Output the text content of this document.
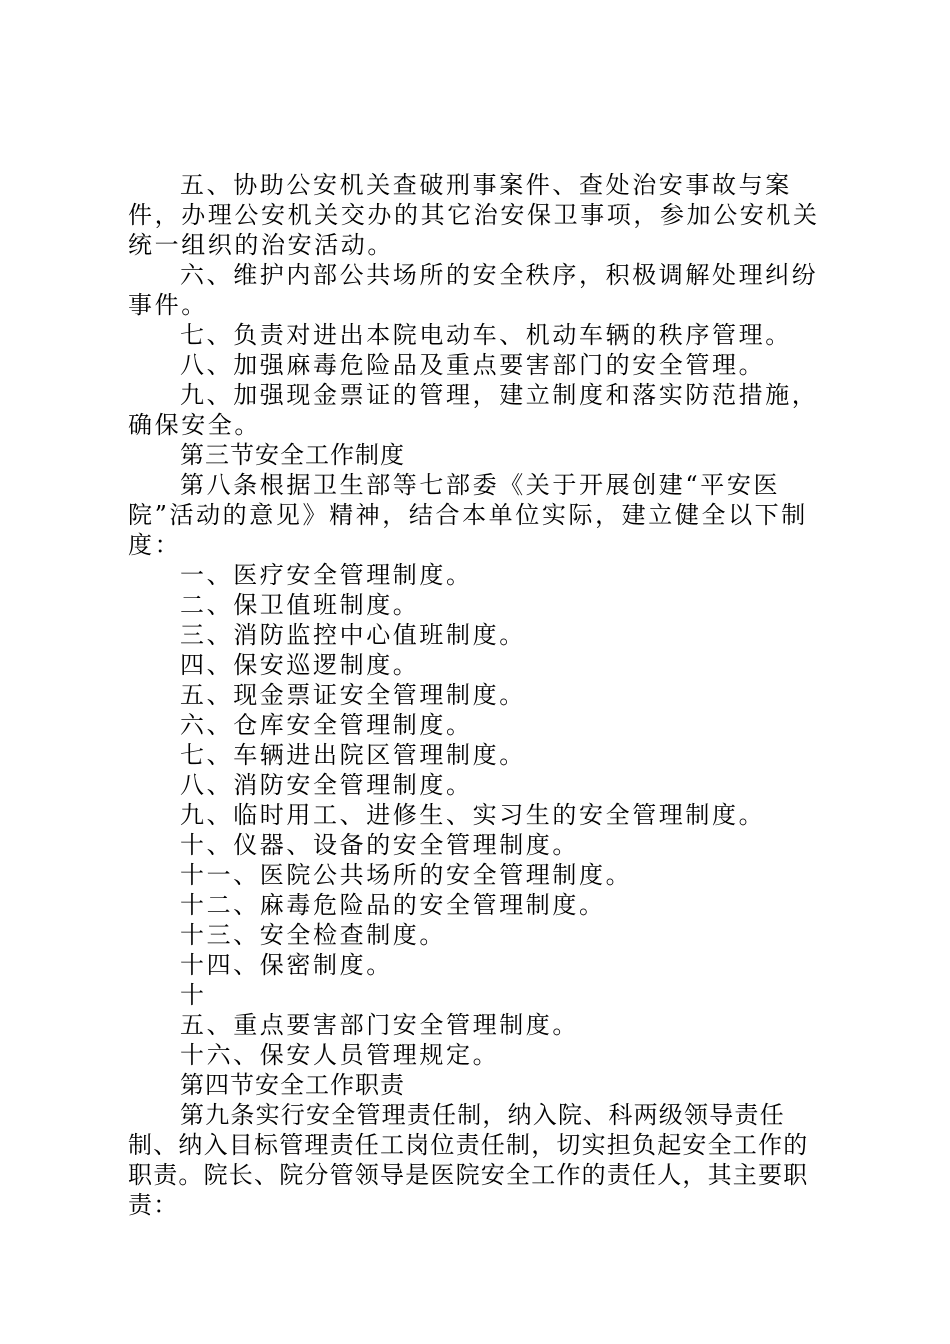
五、协助公安机关查破刑事案件、查处治安事故与案件，办理公安机关交办的其它治安保卫事项，参加公安机关统一组织的治安活动。

六、维护内部公共场所的安全秩序，积极调解处理纠纷事件。

七、负责对进出本院电动车、机动车辆的秩序管理。

八、加强麻毒危险品及重点要害部门的安全管理。

九、加强现金票证的管理，建立制度和落实防范措施，确保安全。

第三节安全工作制度

第八条根据卫生部等七部委《关于开展创建“平安医院”活动的意见》精神，结合本单位实际，建立健全以下制度：

一、医疗安全管理制度。

二、保卫值班制度。

三、消防监控中心值班制度。

四、保安巡逻制度。

五、现金票证安全管理制度。

六、仓库安全管理制度。

七、车辆进出院区管理制度。

八、消防安全管理制度。

九、临时用工、进修生、实习生的安全管理制度。

十、仪器、设备的安全管理制度。

十一、医院公共场所的安全管理制度。

十二、麻毒危险品的安全管理制度。

十三、安全检查制度。

十四、保密制度。

十

五、重点要害部门安全管理制度。

十六、保安人员管理规定。

第四节安全工作职责

第九条实行安全管理责任制，纳入院、科两级领导责任制、纳入目标管理责任工岗位责任制，切实担负起安全工作的职责。院长、院分管领导是医院安全工作的责任人，其主要职责：
